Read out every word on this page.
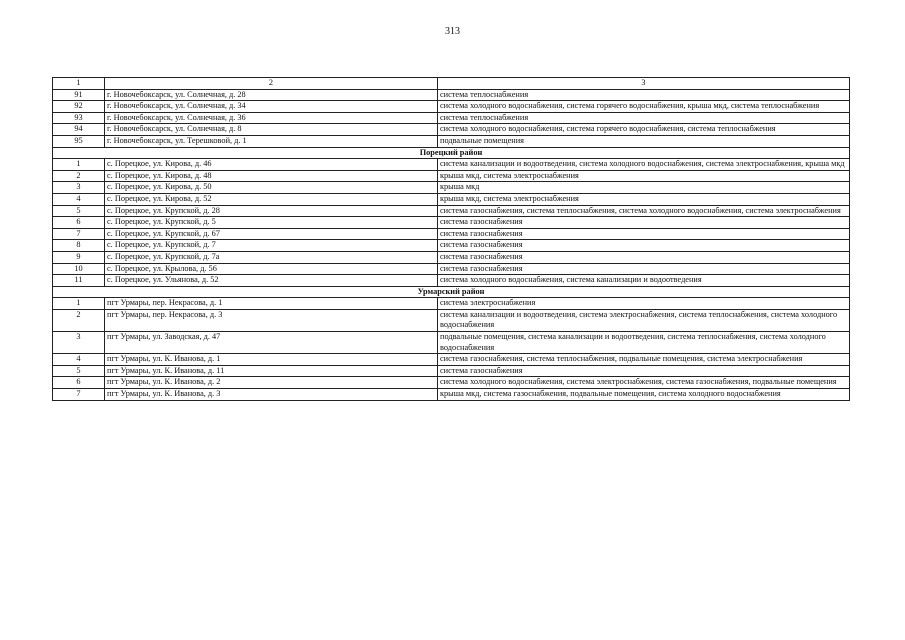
313
1	2	3
91	г. Новочебоксарск, ул. Солнечная, д. 28	система теплоснабжения
92	г. Новочебоксарск, ул. Солнечная, д. 34	система холодного водоснабжения, система горячего водоснабжения, крыша мкд, система теплоснабжения
93	г. Новочебоксарск, ул. Солнечная, д. 36	система теплоснабжения
94	г. Новочебоксарск, ул. Солнечная, д. 8	система холодного водоснабжения, система горячего водоснабжения, система теплоснабжения
95	г. Новочебоксарск, ул. Терешковой, д. 1	подвальные помещения
Порецкий район		
1	с. Порецкое, ул. Кирова, д. 46	система канализации и водоотведения, система холодного водоснабжения, система электроснабжения, крыша мкд
2	с. Порецкое, ул. Кирова, д. 48	крыша мкд, система электроснабжения
3	с. Порецкое, ул. Кирова, д. 50	крыша мкд
4	с. Порецкое, ул. Кирова, д. 52	крыша мкд, система электроснабжения
5	с. Порецкое, ул. Крупской, д. 28	система газоснабжения, система теплоснабжения, система холодного водоснабжения, система электроснабжения
6	с. Порецкое, ул. Крупской, д. 5	система газоснабжения
7	с. Порецкое, ул. Крупской, д. 67	система газоснабжения
8	с. Порецкое, ул. Крупской, д. 7	система газоснабжения
9	с. Порецкое, ул. Крупской, д. 7а	система газоснабжения
10	с. Порецкое, ул. Крылова, д. 56	система газоснабжения
11	с. Порецкое, ул. Ульянова, д. 52	система холодного водоснабжения, система канализации и водоотведения
Урмарский район		
1	пгт Урмары, пер. Некрасова, д. 1	система электроснабжения
2	пгт Урмары, пер. Некрасова, д. 3	система канализации и водоотведения, система электроснабжения, система теплоснабжения, система холодного водоснабжения
3	пгт Урмары, ул. Заводская, д. 47	подвальные помещения, система канализации и водоотведения, система теплоснабжения, система холодного водоснабжения
4	пгт Урмары, ул. К. Иванова, д. 1	система газоснабжения, система теплоснабжения, подвальные помещения, система электроснабжения
5	пгт Урмары, ул. К. Иванова, д. 11	система газоснабжения
6	пгт Урмары, ул. К. Иванова, д. 2	система холодного водоснабжения, система электроснабжения, система газоснабжения, подвальные помещения
7	пгт Урмары, ул. К. Иванова, д. 3	крыша мкд, система газоснабжения, подвальные помещения, система холодного водоснабжения
